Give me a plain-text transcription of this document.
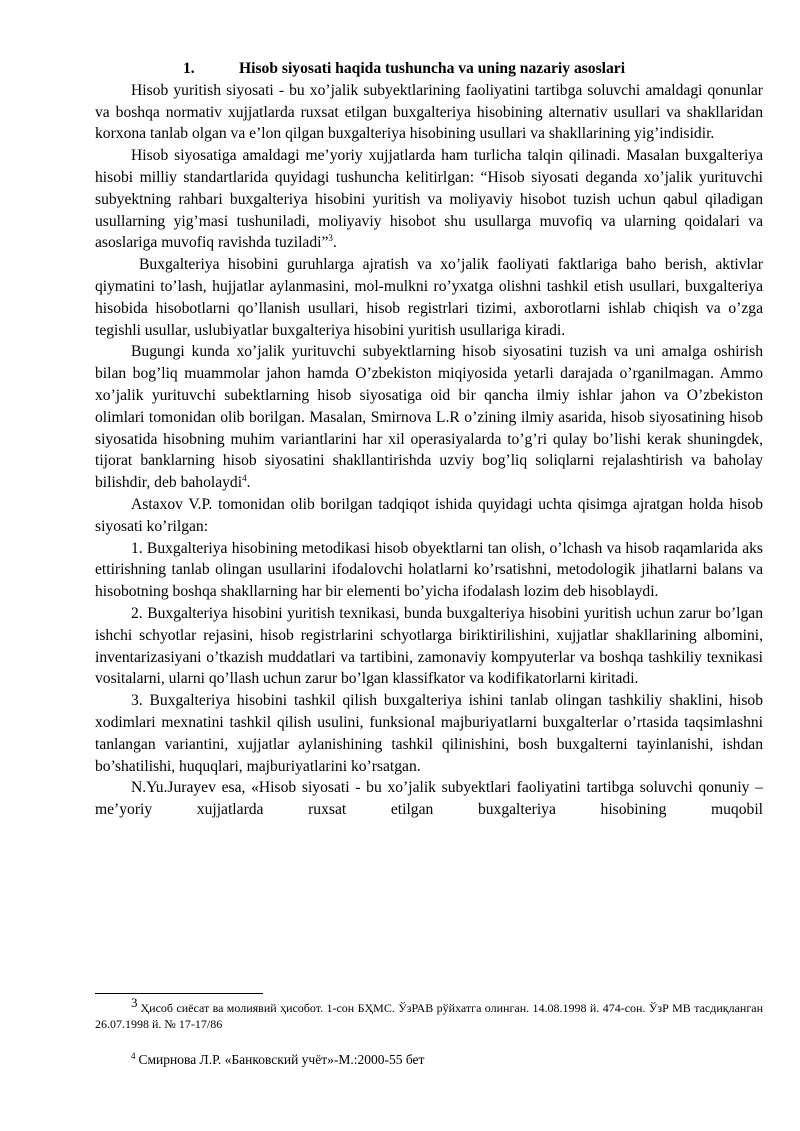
1.	Hisob siyosati haqida tushuncha va uning nazariy asoslari

Hisob yuritish siyosati - bu xo’jalik subyektlarining faoliyatini tartibga soluvchi amaldagi qonunlar va boshqa normativ xujjatlarda ruxsat etilgan buxgalteriya hisobining alternativ usullari va shakllaridan korxona tanlab olgan va e’lon qilgan buxgalteriya hisobining usullari va shakllarining yig’indisidir.

Hisob siyosatiga amaldagi me’yoriy xujjatlarda ham turlicha talqin qilinadi. Masalan buxgalteriya hisobi milliy standartlarida quyidagi tushuncha kelitirlgan: “Hisob siyosati deganda xo’jalik yurituvchi subyektning rahbari buxgalteriya hisobini yuritish va moliyaviy hisobot tuzish uchun qabul qiladigan usullarning yig’masi tushuniladi, moliyaviy hisobot shu usullarga muvofiq va ularning qoidalari va asoslariga muvofiq ravishda tuziladi”$^3$.

Buxgalteriya hisobini guruhlarga ajratish va xo’jalik faoliyati faktlariga baho berish, aktivlar qiymatini to’lash, hujjatlar aylanmasini, mol-mulkni ro’yxatga olishni tashkil etish usullari, buxgalteriya hisobida hisobotlarni qo’llanish usullari, hisob registrlari tizimi, axborotlarni ishlab chiqish va o’zga tegishli usullar, uslubiyatlar buxgalteriya hisobini yuritish usullariga kiradi.

Bugungi kunda xo’jalik yurituvchi subyektlarning hisob siyosatini tuzish va uni amalga oshirish bilan bog’liq muammolar jahon hamda O’zbekiston miqiyosida yetarli darajada o’rganilmagan. Ammo xo’jalik yurituvchi subektlarning hisob siyosatiga oid bir qancha ilmiy ishlar jahon va O’zbekiston olimlari tomonidan olib borilgan. Masalan, Smirnova L.R o’zining ilmiy asarida, hisob siyosatining hisob siyosatida hisobning muhim variantlarini har xil operasiyalarda to’g’ri qulay bo’lishi kerak shuningdek, tijorat banklarning hisob siyosatini shakllantirishda uzviy bog’liq soliqlarni rejalashtirish va baholay bilishdir, deb baholaydi$^4$.

Astaxov V.P. tomonidan olib borilgan tadqiqot ishida quyidagi uchta qisimga ajratgan holda hisob siyosati ko’rilgan:

1. Buxgalteriya hisobining metodikasi hisob obyektlarni tan olish, o’lchash va hisob raqamlarida aks ettirishning tanlab olingan usullarini ifodalovchi holatlarni ko’rsatishni, metodologik jihatlarni balans va hisobotning boshqa shakllarning har bir elementi bo’yicha ifodalash lozim deb hisoblaydi.

2. Buxgalteriya hisobini yuritish texnikasi, bunda buxgalteriya hisobini yuritish uchun zarur bo’lgan ishchi schyotlar rejasini, hisob registrlarini schyotlarga biriktirilishini, xujjatlar shakllarining albomini, inventarizasiyani o’tkazish muddatlari va tartibini, zamonaviy kompyuterlar va boshqa tashkiliy texnikasi vositalarni, ularni qo’llash uchun zarur bo’lgan klassifkator va kodifikatorlarni kiritadi.

3. Buxgalteriya hisobini tashkil qilish buxgalteriya ishini tanlab olingan tashkiliy shaklini, hisob xodimlari mexnatini tashkil qilish usulini, funksional majburiyatlarni buxgalterlar o’rtasida taqsimlashni tanlangan variantini, xujjatlar aylanishining tashkil qilinishini, bosh buxgalterni tayinlanishi, ishdan bo’shatilishi, huquqlari, majburiyatlarini ko’rsatgan.

N.Yu.Jurayev esa, «Hisob siyosati - bu xo’jalik subyektlari faoliyatini tartibga soluvchi qonuniy – me’yoriy xujjatlarda ruxsat etilgan buxgalteriya hisobining muqobil

3 Ҳисоб сиёсат ва молиявий ҳисобот. 1-сон БҲМС. ЎзРАВ рўйхатга олинган. 14.08.1998 й. 474-сон. ЎзР МВ тасдиқланган 26.07.1998 й. № 17-17/86

$^4$ Смирнова Л.Р. «Банковский учёт»-М.:2000-55 бет
